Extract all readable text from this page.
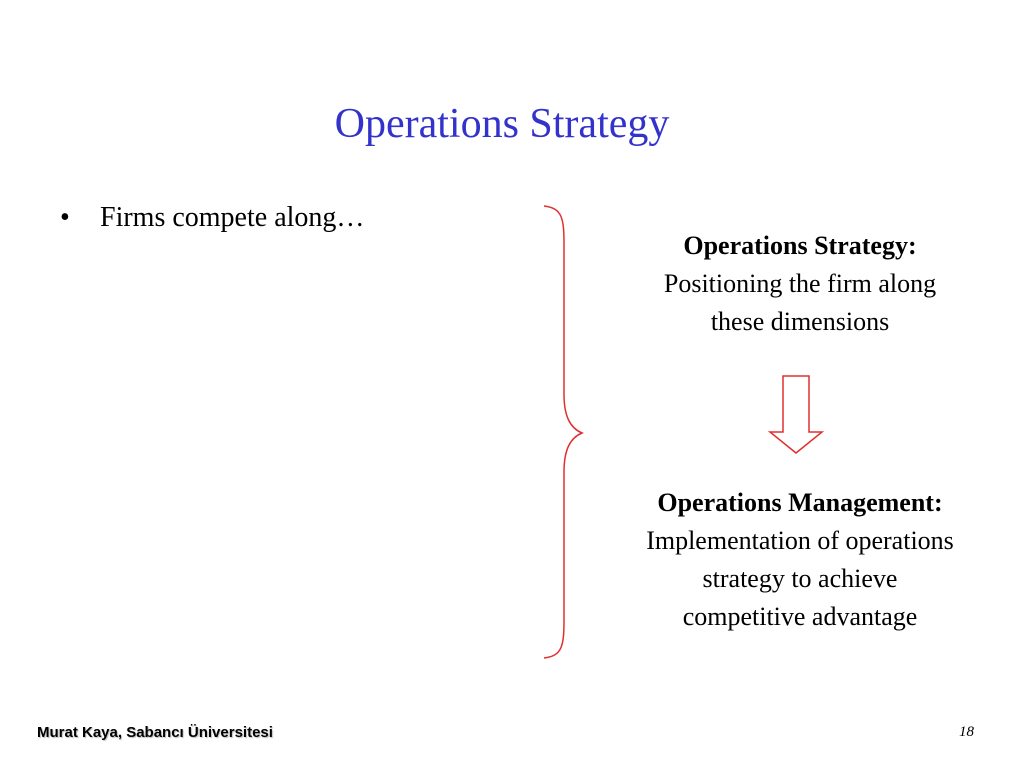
Operations Strategy
• Firms compete along…
Operations Strategy:
Positioning the firm along
these dimensions
Operations Management:
Implementation of operations
strategy to achieve
competitive advantage
Murat Kaya, Sabancı Üniversitesi	18
